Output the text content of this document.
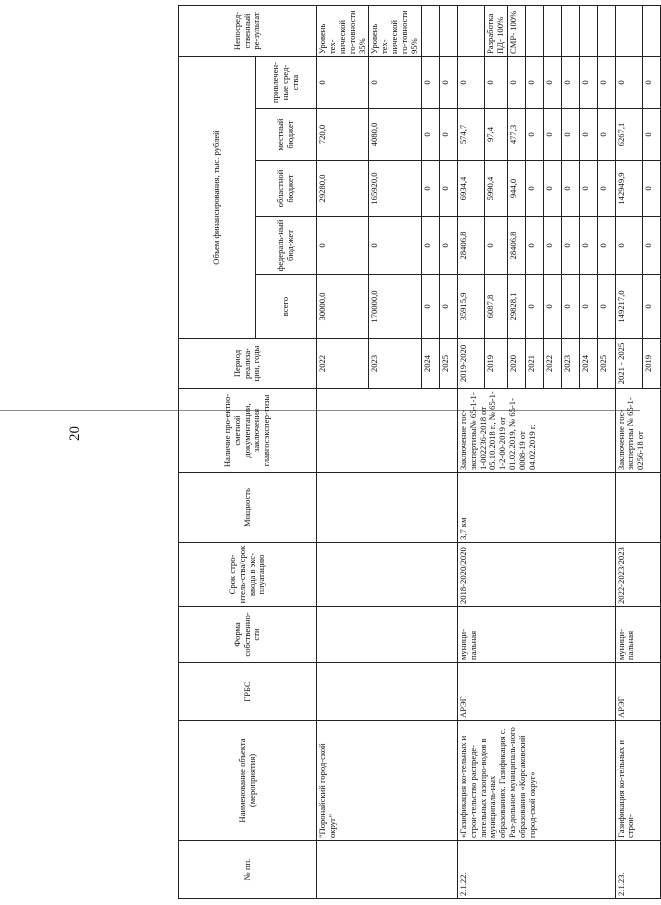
20
№ пп.	Наименование объекта (мероприятия)	ГРБС	Форма собственно-сти	Срок стро-итель-ства/срок ввода в экс-плуатацию	Мощность	Наличие про-ектно-сметной документации, заключения главгосэкспер-тизы	Период реализа-ции, годы	Объем финансирования, тыс. рублей					Непосред-ственный ре-зультат
								всего	федераль-ный бюд-жет	областной бюджет	местный бюджет	привлечен-ные сред-ства	
	"Поронайский город-ской округ"						2022	30000,0	0	29280,0	720,0	0	Уровень тех-нической го-товности 35%
							2023	170000,0	0	165920,0	4080,0	0	Уровень тех-нической го-товности 95%
							2024	0	0	0	0	0	
							2025	0	0	0	0	0	
2.1.22.	«Газификация ко-тельных и строи-тельство распреде-лительных газопро-водов в муниципаль-ных образованиях. Газификация с. Раз-дольное муниципаль-ного образования «Корсаковский город-ской округ»	АРЭГ	муници-пальная	2018-2020/2020	3,7 км	Заключение гос-экспертизы№ 65-1-1-1-002236-2018 от 05.10.2018 г., № 65-1-1-2-00-2019 от 01.02.2019, № 65-1-0008-19 от 04.02.2019 г.	2019-2020	35915,9	28406,8	6934,4	574,7	0	
							2019	6087,8	0	5990,4	97,4	0	Разработка ПД- 100%
							2020	29828,1	28406,8	944,0	477,3	0	СМР- 100%
							2021	0	0	0	0	0	
							2022	0	0	0	0	0	
							2023	0	0	0	0	0	
							2024	0	0	0	0	0	
							2025	0	0	0	0	0	
2.1.23.	Газификация ко-тельных и строи-	АРЭГ	муници-пальная	2022-2023/2023		Заключение гос-экспертизы № 65-1-0256-18 от	2021 - 2025	149217,0	0	142949,9	6267,1	0	
							2019	0	0	0	0	0	
